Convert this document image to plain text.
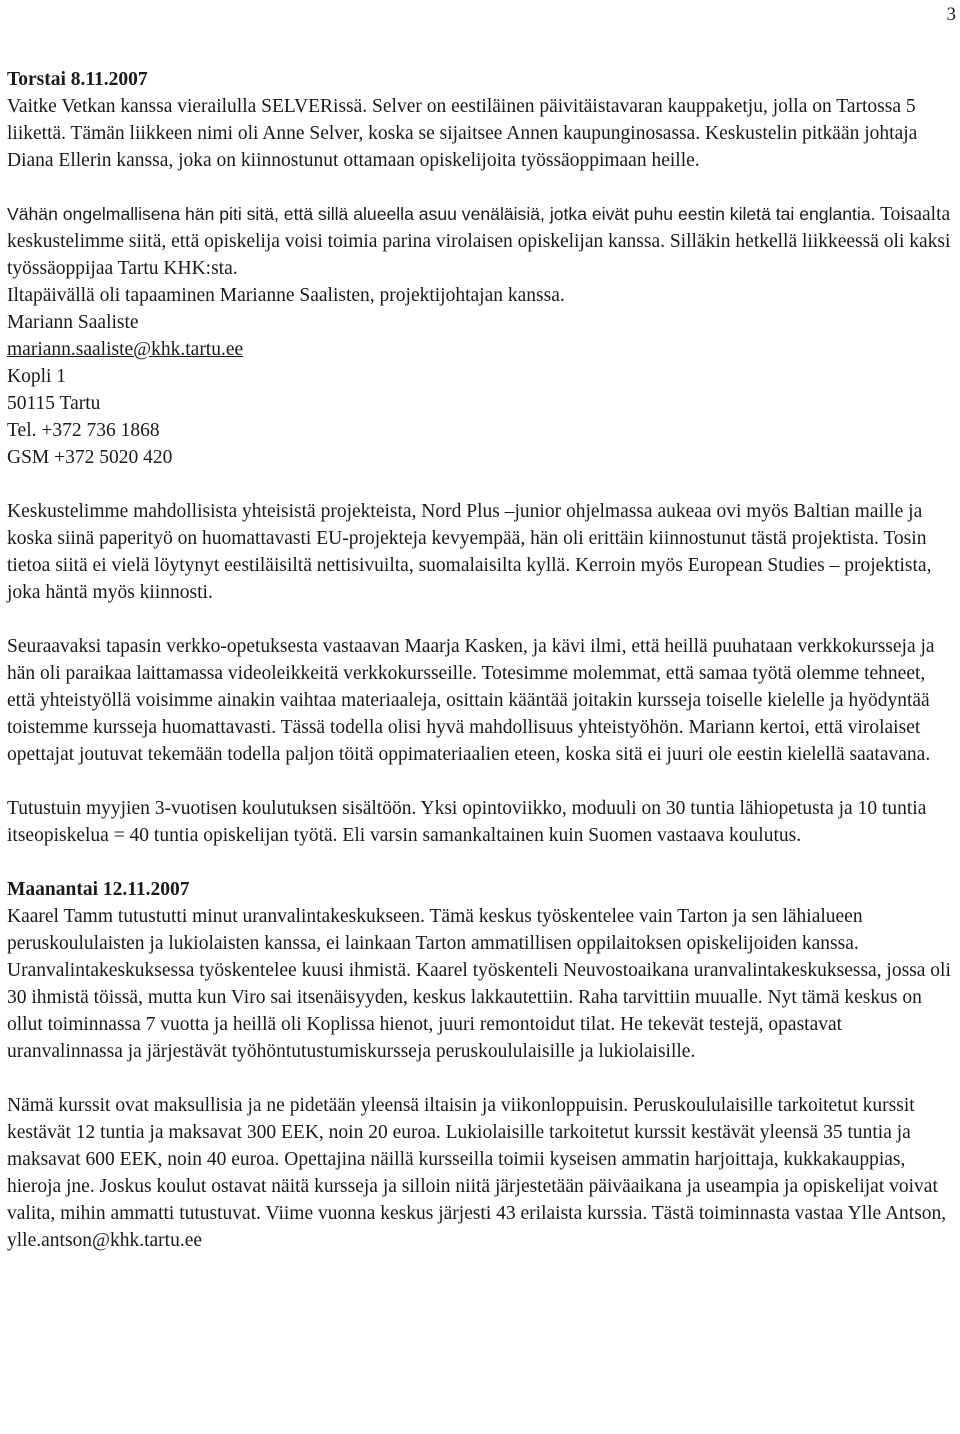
3
Torstai 8.11.2007

Vaitke Vetkan kanssa vierailulla SELVERissä. Selver on eestiläinen päivitäistavaran kauppaketju, jolla on Tartossa 5 liikettä. Tämän liikkeen nimi oli Anne Selver, koska se sijaitsee Annen kaupunginosassa. Keskustelin pitkään johtaja Diana Ellerin kanssa, joka on kiinnostunut ottamaan opiskelijoita työssäoppimaan heille.

Vähän ongelmallisena hän piti sitä, että sillä alueella asuu venäläisiä, jotka eivät puhu eestin kiletä tai englantia. Toisaalta keskustelimme siitä, että opiskelija voisi toimia parina virolaisen opiskelijan kanssa. Silläkin hetkellä liikkeessä oli kaksi työssäoppijaa Tartu KHK:sta.

Iltapäivällä oli tapaaminen Marianne Saalisten, projektijohtajan kanssa.

Mariann Saaliste
mariann.saaliste@khk.tartu.ee
Kopli 1
50115 Tartu
Tel. +372 736 1868
GSM +372 5020 420

Keskustelimme mahdollisista yhteisistä projekteista, Nord Plus –junior ohjelmassa aukeaa ovi myös Baltian maille ja koska siinä paperityö on huomattavasti EU-projekteja kevyempää, hän oli erittäin kiinnostunut tästä projektista. Tosin tietoa siitä ei vielä löytynyt eestiläisiltä nettisivuilta, suomalaisilta kyllä. Kerroin myös European Studies – projektista, joka häntä myös kiinnosti.

Seuraavaksi tapasin verkko-opetuksesta vastaavan Maarja Kasken, ja kävi ilmi, että heillä puuhataan verkkokursseja ja hän oli paraikaa laittamassa videoleikkeitä verkkokursseille. Totesimme molemmat, että samaa työtä olemme tehneet, että yhteistyöllä voisimme ainakin vaihtaa materiaaleja, osittain kääntää joitakin kursseja toiselle kielelle ja hyödyntää toistemme kursseja huomattavasti. Tässä todella olisi hyvä mahdollisuus yhteistyöhön. Mariann kertoi, että virolaiset opettajat joutuvat tekemään todella paljon töitä oppimateriaalien eteen, koska sitä ei juuri ole eestin kielellä saatavana.

Tutustuin myyjien 3-vuotisen koulutuksen sisältöön. Yksi opintoviikko, moduuli on 30 tuntia lähiopetusta ja 10 tuntia itseopiskelua = 40 tuntia opiskelijan työtä. Eli varsin samankaltainen kuin Suomen vastaava koulutus.

Maanantai 12.11.2007

Kaarel Tamm tutustutti minut uranvalintakeskukseen. Tämä keskus työskentelee vain Tarton ja sen lähialueen peruskoululaisten ja lukiolaisten kanssa, ei lainkaan Tarton ammatillisen oppilaitoksen opiskelijoiden kanssa. Uranvalintakeskuksessa työskentelee kuusi ihmistä. Kaarel työskenteli Neuvostoaikana uranvalintakeskuksessa, jossa oli 30 ihmistä töissä, mutta kun Viro sai itsenäisyyden, keskus lakkautettiin. Raha tarvittiin muualle. Nyt tämä keskus on ollut toiminnassa 7 vuotta ja heillä oli Koplissa hienot, juuri remontoidut tilat. He tekevät testejä, opastavat uranvalinnassa ja järjestävät työhöntutustumiskursseja peruskoululaisille ja lukiolaisille.

Nämä kurssit ovat maksullisia ja ne pidetään yleensä iltaisin ja viikonloppuisin. Peruskoululaisille tarkoitetut kurssit kestävät 12 tuntia ja maksavat 300 EEK, noin 20 euroa. Lukiolaisille tarkoitetut kurssit kestävät yleensä 35 tuntia ja maksavat 600 EEK, noin 40 euroa. Opettajina näillä kursseilla toimii kyseisen ammatin harjoittaja, kukkakauppias, hieroja jne. Joskus koulut ostavat näitä kursseja ja silloin niitä järjestetään päiväaikana ja useampia ja opiskelijat voivat valita, mihin ammatti tutustuvat. Viime vuonna keskus järjesti 43 erilaista kurssia. Tästä toiminnasta vastaa Ylle Antson, yllе.antson@khk.tartu.ee
